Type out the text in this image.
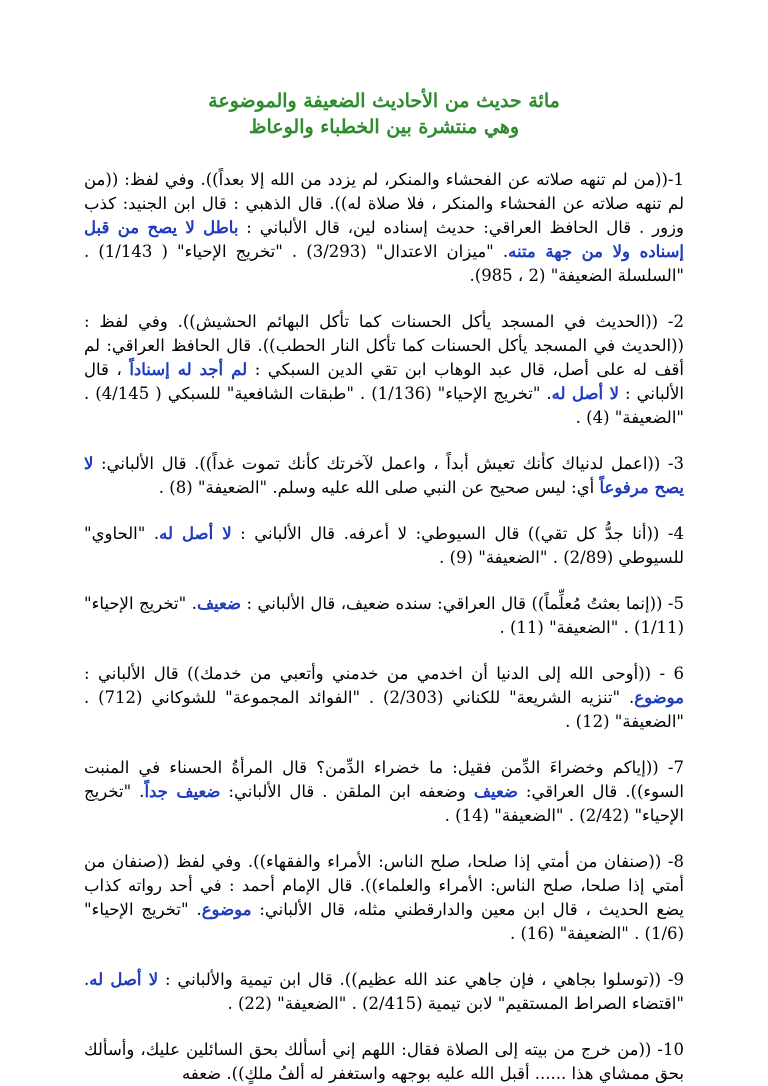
مائة حديث من الأحاديث الضعيفة والموضوعة

وهي منتشرة بين الخطباء والوعاظ

1-((من لم تنهه صلاته عن الفحشاء والمنكر، لم يزدد من الله إلا بعداً)). وفي لفظ: ((من لم تنهه صلاته عن الفحشاء والمنكر ، فلا صلاة له)). قال الذهبي : قال ابن الجنيد: كذب وزور . قال الحافظ العراقي: حديث إسناده لين، قال الألباني : باطل لا يصح من قبل إسناده ولا من جهة متنه. "ميزان الاعتدال" (3/293) . "تخريج الإحياء" ( 1/143) . "السلسلة الضعيفة" (2 ، 985).

2- ((الحديث في المسجد يأكل الحسنات كما تأكل البهائم الحشيش)). وفي لفظ : ((الحديث في المسجد يأكل الحسنات كما تأكل النار الحطب)). قال الحافظ العراقي: لم أقف له على أصل، قال عبد الوهاب ابن تقي الدين السبكي : لم أجد له إسناداً ، قال الألباني : لا أصل له. "تخريج الإحياء" (1/136) . "طبقات الشافعية" للسبكي ( 4/145) . "الضعيفة" (4) .

3- ((اعمل لدنياك كأنك تعيش أبداً ، واعمل لآخرتك كأنك تموت غداً)). قال الألباني: لا يصح مرفوعاً أي: ليس صحيح عن النبي صلى الله عليه وسلم. "الضعيفة" (8) .

4- ((أنا جدُّ كل تقي)) قال السيوطي: لا أعرفه. قال الألباني : لا أصل له. "الحاوي" للسيوطي (2/89) . "الضعيفة" (9) .

5- ((إنما بعثتُ مُعلِّماً)) قال العراقي: سنده ضعيف، قال الألباني : ضعيف. "تخريج الإحياء" (1/11) . "الضعيفة" (11) .

6 - ((أوحى الله إلى الدنيا أن اخدمي من خدمني وأتعبي من خدمك)) قال الألباني : موضوع. "تنزيه الشريعة" للكناني (2/303) . "الفوائد المجموعة" للشوكاني (712) . "الضعيفة" (12) .

7- ((إياكم وخضراءَ الدِّمن فقيل: ما خضراء الدِّمن؟ قال المرأةُ الحسناء في المنبت السوء)). قال العراقي: ضعيف وضعفه ابن الملقن . قال الألباني: ضعيف جداً. "تخريج الإحياء" (2/42) . "الضعيفة" (14) .

8- ((صنفان من أمتي إذا صلحا، صلح الناس: الأمراء والفقهاء)). وفي لفظ ((صنفان من أمتي إذا صلحا، صلح الناس: الأمراء والعلماء)). قال الإمام أحمد : في أحد رواته كذاب يضع الحديث ، قال ابن معين والدارقطني مثله، قال الألباني: موضوع. "تخريج الإحياء" (1/6) . "الضعيفة" (16) .

9- ((توسلوا بجاهي ، فإن جاهي عند الله عظيم)). قال ابن تيمية والألباني : لا أصل له. "اقتضاء الصراط المستقيم" لابن تيمية (2/415) . "الضعيفة" (22) .

10- ((من خرج من بيته إلى الصلاة فقال: اللهم إني أسألك بحق السائلين عليك، وأسألك بحق ممشاي هذا ...... أقبل الله عليه بوجهه واستغفر له ألفُ ملكٍ)). ضعفه
